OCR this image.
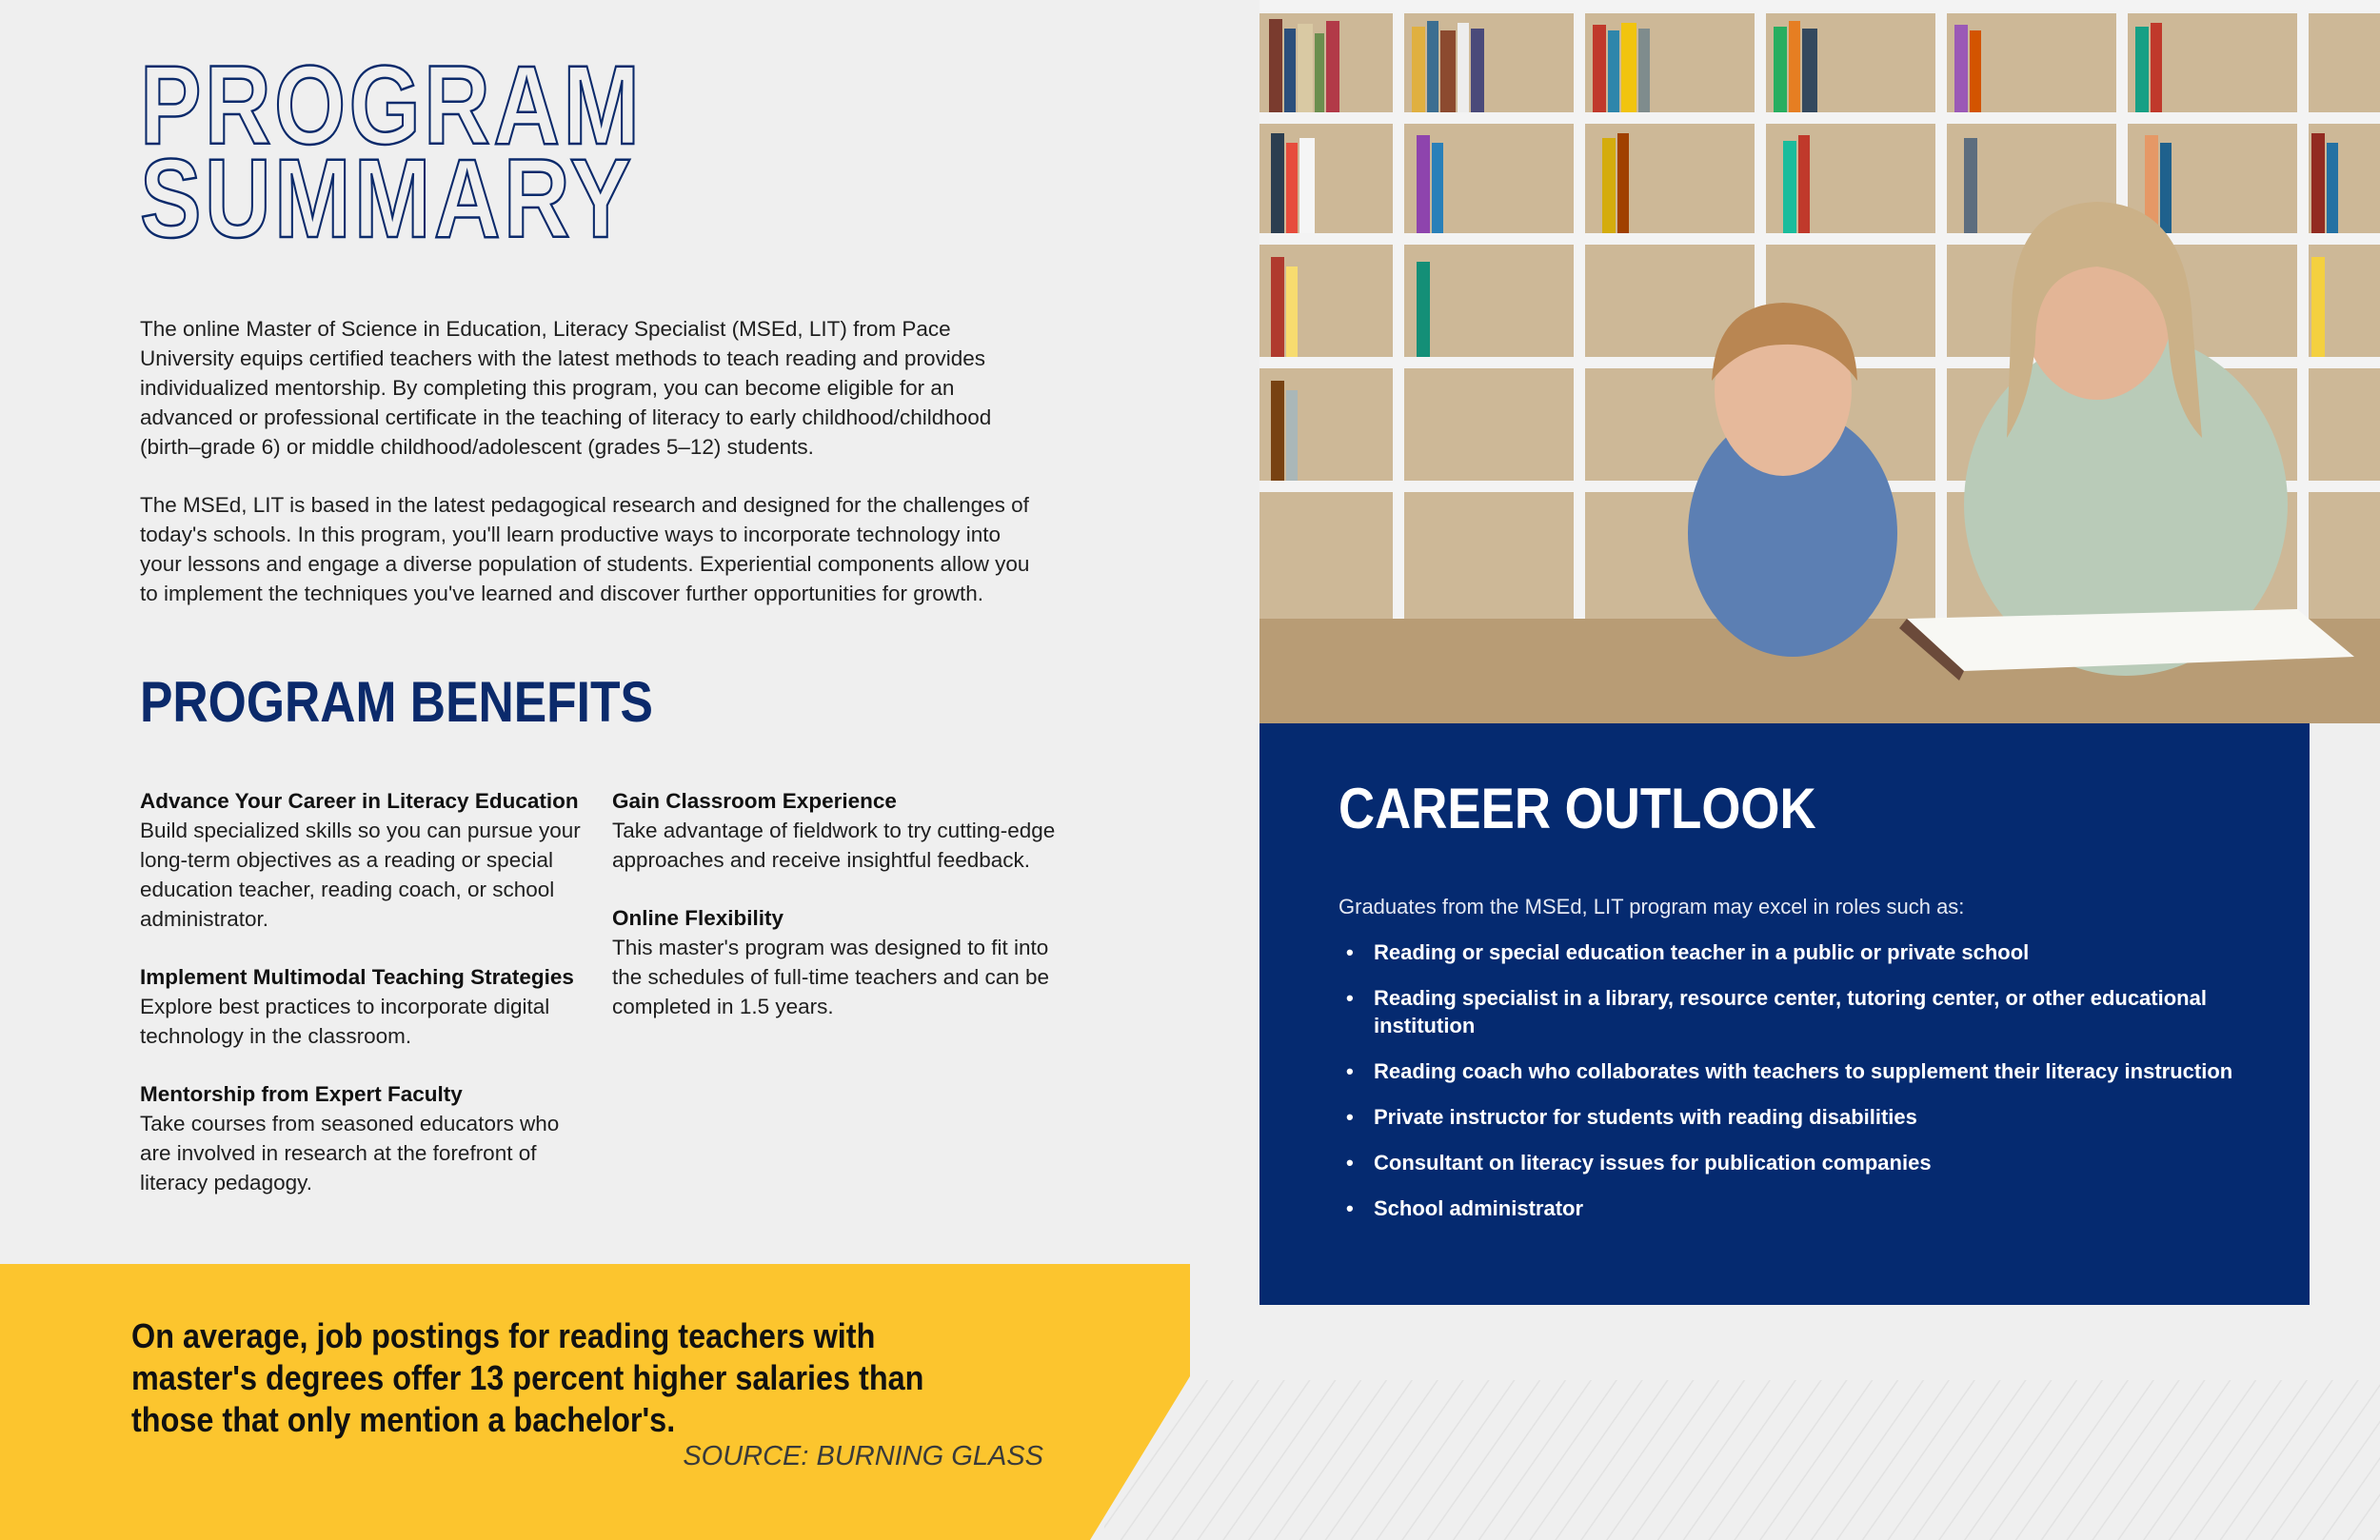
PROGRAM
SUMMARY

The online Master of Science in Education, Literacy Specialist (MSEd, LIT) from Pace University equips certified teachers with the latest methods to teach reading and provides individualized mentorship. By completing this program, you can become eligible for an advanced or professional certificate in the teaching of literacy to early childhood/childhood (birth–grade 6) or middle childhood/adolescent (grades 5–12) students.

The MSEd, LIT is based in the latest pedagogical research and designed for the challenges of today's schools. In this program, you'll learn productive ways to incorporate technology into your lessons and engage a diverse population of students. Experiential components allow you to implement the techniques you've learned and discover further opportunities for growth.

PROGRAM BENEFITS
Advance Your Career in Literacy Education
Build specialized skills so you can pursue your long-term objectives as a reading or special education teacher, reading coach, or school administrator.
Implement Multimodal Teaching Strategies
Explore best practices to incorporate digital technology in the classroom.
Mentorship from Expert Faculty
Take courses from seasoned educators who are involved in research at the forefront of literacy pedagogy.
Gain Classroom Experience
Take advantage of fieldwork to try cutting-edge approaches and receive insightful feedback.
Online Flexibility
This master's program was designed to fit into the schedules of full-time teachers and can be completed in 1.5 years.
On average, job postings for reading teachers with master's degrees offer 13 percent higher salaries than those that only mention a bachelor's.
SOURCE: BURNING GLASS
CAREER OUTLOOK
Graduates from the MSEd, LIT program may excel in roles such as:
• Reading or special education teacher in a public or private school
• Reading specialist in a library, resource center, tutoring center, or other educational institution
• Reading coach who collaborates with teachers to supplement their literacy instruction
• Private instructor for students with reading disabilities
• Consultant on literacy issues for publication companies
• School administrator
